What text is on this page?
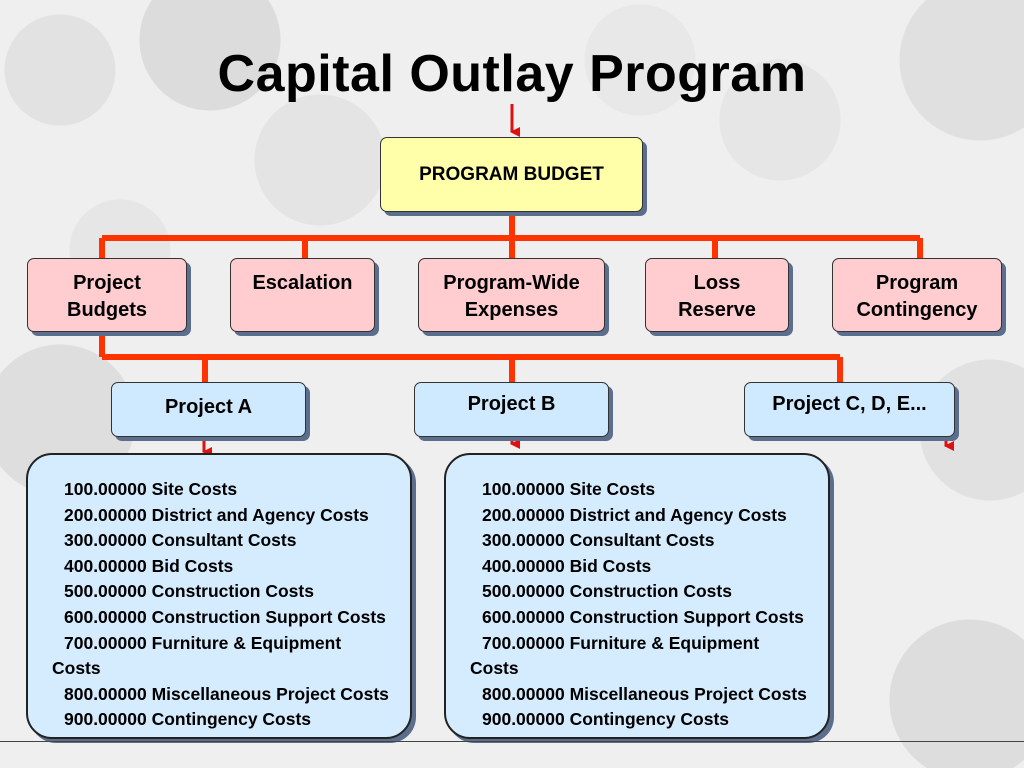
Capital Outlay Program
PROGRAM BUDGET
Project
Budgets
Escalation	Program-Wide
Expenses
Loss
Reserve
Program
Contingency
Project A	Project B	Project C, D, E...
100.00000 Site Costs
200.00000 District and Agency Costs
300.00000 Consultant Costs
400.00000 Bid Costs
500.00000 Construction Costs
600.00000 Construction Support Costs
700.00000 Furniture & Equipment
Costs
800.00000 Miscellaneous Project Costs
900.00000 Contingency Costs
100.00000 Site Costs
200.00000 District and Agency Costs
300.00000 Consultant Costs
400.00000 Bid Costs
500.00000 Construction Costs
600.00000 Construction Support Costs
700.00000 Furniture & Equipment
Costs
800.00000 Miscellaneous Project Costs
900.00000 Contingency Costs
